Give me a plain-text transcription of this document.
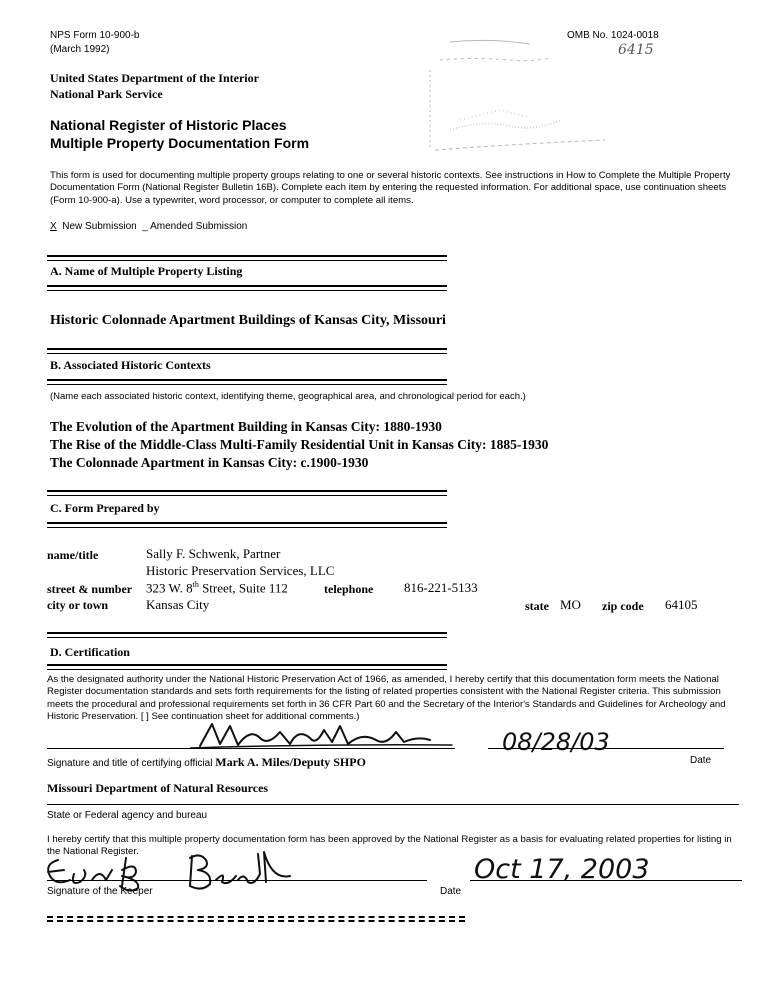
NPS Form 10-900-b
(March 1992)
OMB No. 1024-0018
United States Department of the Interior
National Park Service
National Register of Historic Places
Multiple Property Documentation Form
6415
This form is used for documenting multiple property groups relating to one or several historic contexts. See instructions in How to Complete the Multiple Property Documentation Form (National Register Bulletin 16B). Complete each item by entering the requested information. For additional space, use continuation sheets (Form 10-900-a). Use a typewriter, word processor, or computer to complete all items.
X New Submission _ Amended Submission
A. Name of Multiple Property Listing
Historic Colonnade Apartment Buildings of Kansas City, Missouri
B. Associated Historic Contexts
(Name each associated historic context, identifying theme, geographical area, and chronological period for each.)
The Evolution of the Apartment Building in Kansas City: 1880-1930
The Rise of the Middle-Class Multi-Family Residential Unit in Kansas City: 1885-1930
The Colonnade Apartment in Kansas City: c.1900-1930
C. Form Prepared by
name/title	Sally F. Schwenk, Partner
Historic Preservation Services, LLC
street & number 323 W. 8th Street, Suite 112	telephone 816-221-5133
city or town	Kansas City	state MO zip code 64105
D. Certification
As the designated authority under the National Historic Preservation Act of 1966, as amended, I hereby certify that this documentation form meets the National Register documentation standards and sets forth requirements for the listing of related properties consistent with the National Register criteria. This submission meets the procedural and professional requirements set forth in 36 CFR Part 60 and the Secretary of the Interior's Standards and Guidelines for Archeology and Historic Preservation. [ ] See continuation sheet for additional comments.)
08/28/03
Signature and title of certifying official Mark A. Miles/Deputy SHPO	Date
Missouri Department of Natural Resources
State or Federal agency and bureau
I hereby certify that this multiple property documentation form has been approved by the National Register as a basis for evaluating related properties for listing in the National Register.
Signature of the Keeper	Date
Oct 17, 2003
